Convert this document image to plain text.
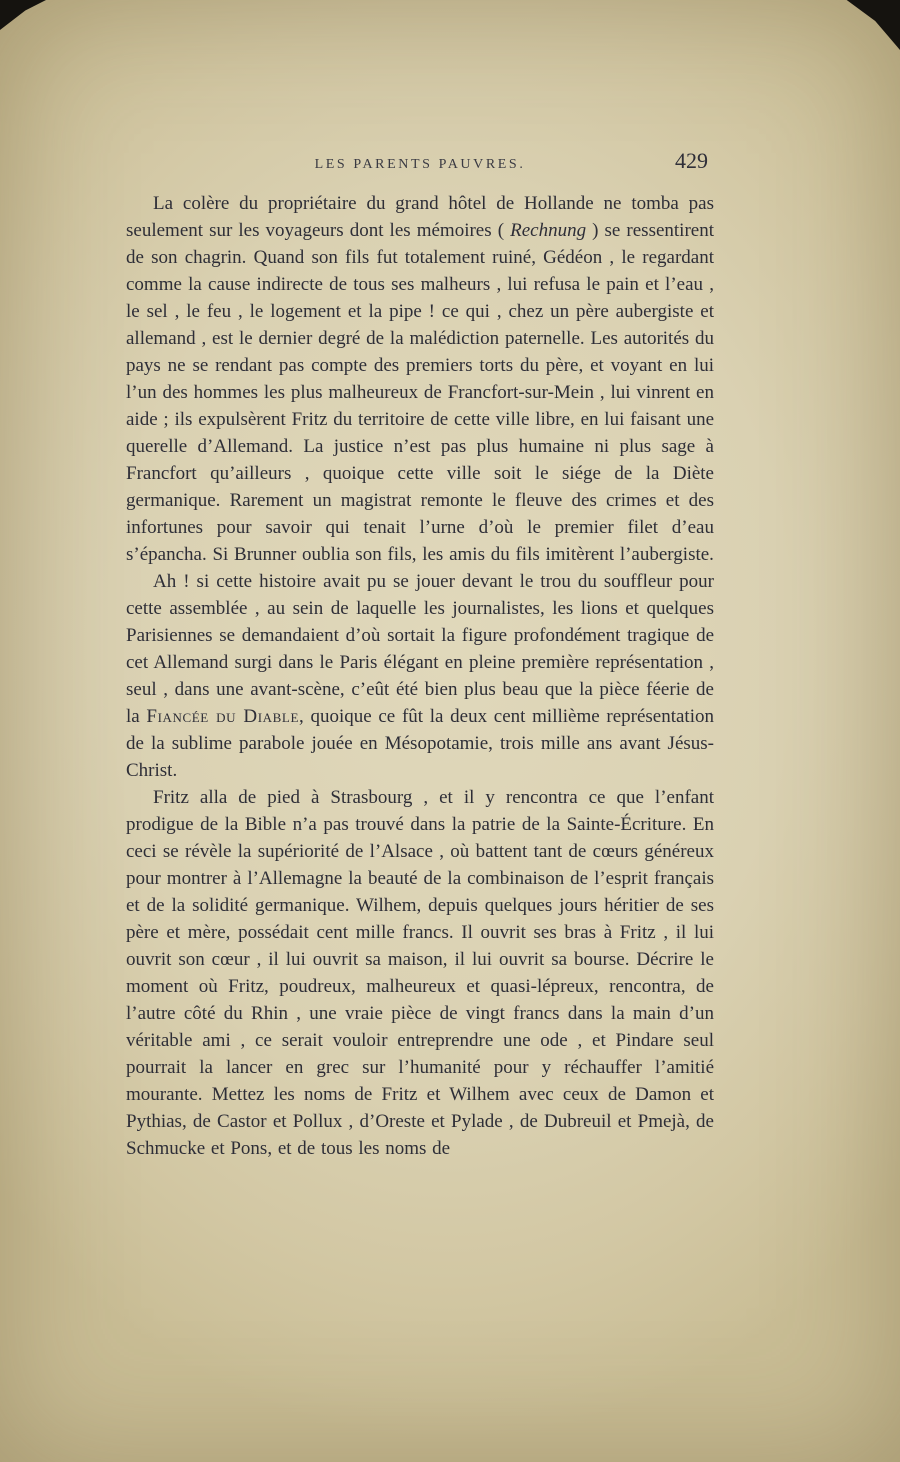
LES PARENTS PAUVRES.	429

La colère du propriétaire du grand hôtel de Hollande ne tomba pas seulement sur les voyageurs dont les mémoires ( Rechnung ) se ressentirent de son chagrin. Quand son fils fut totalement ruiné, Gédéon , le regardant comme la cause indirecte de tous ses malheurs , lui refusa le pain et l’eau , le sel , le feu , le logement et la pipe ! ce qui , chez un père aubergiste et allemand , est le dernier degré de la malédiction paternelle. Les autorités du pays ne se rendant pas compte des premiers torts du père, et voyant en lui l’un des hommes les plus malheureux de Francfort-sur-Mein , lui vinrent en aide ; ils expulsèrent Fritz du territoire de cette ville libre, en lui faisant une querelle d’Allemand. La justice n’est pas plus humaine ni plus sage à Francfort qu’ailleurs , quoique cette ville soit le siége de la Diète germanique. Rarement un magistrat remonte le fleuve des crimes et des infortunes pour savoir qui tenait l’urne d’où le premier filet d’eau s’épancha. Si Brunner oublia son fils, les amis du fils imitèrent l’aubergiste.

Ah ! si cette histoire avait pu se jouer devant le trou du souffleur pour cette assemblée , au sein de laquelle les journalistes, les lions et quelques Parisiennes se demandaient d’où sortait la figure profondément tragique de cet Allemand surgi dans le Paris élégant en pleine première représentation , seul , dans une avant-scène, c’eût été bien plus beau que la pièce féerie de la Fiancée du Diable, quoique ce fût la deux cent millième représentation de la sublime parabole jouée en Mésopotamie, trois mille ans avant Jésus-Christ.

Fritz alla de pied à Strasbourg , et il y rencontra ce que l’enfant prodigue de la Bible n’a pas trouvé dans la patrie de la Sainte-Écriture. En ceci se révèle la supériorité de l’Alsace , où battent tant de cœurs généreux pour montrer à l’Allemagne la beauté de la combinaison de l’esprit français et de la solidité germanique. Wilhem, depuis quelques jours héritier de ses père et mère, possédait cent mille francs. Il ouvrit ses bras à Fritz , il lui ouvrit son cœur , il lui ouvrit sa maison, il lui ouvrit sa bourse. Décrire le moment où Fritz, poudreux, malheureux et quasi-lépreux, rencontra, de l’autre côté du Rhin , une vraie pièce de vingt francs dans la main d’un véritable ami , ce serait vouloir entreprendre une ode , et Pindare seul pourrait la lancer en grec sur l’humanité pour y réchauffer l’amitié mourante. Mettez les noms de Fritz et Wilhem avec ceux de Damon et Pythias, de Castor et Pollux , d’Oreste et Pylade , de Dubreuil et Pmejà, de Schmucke et Pons, et de tous les noms de
